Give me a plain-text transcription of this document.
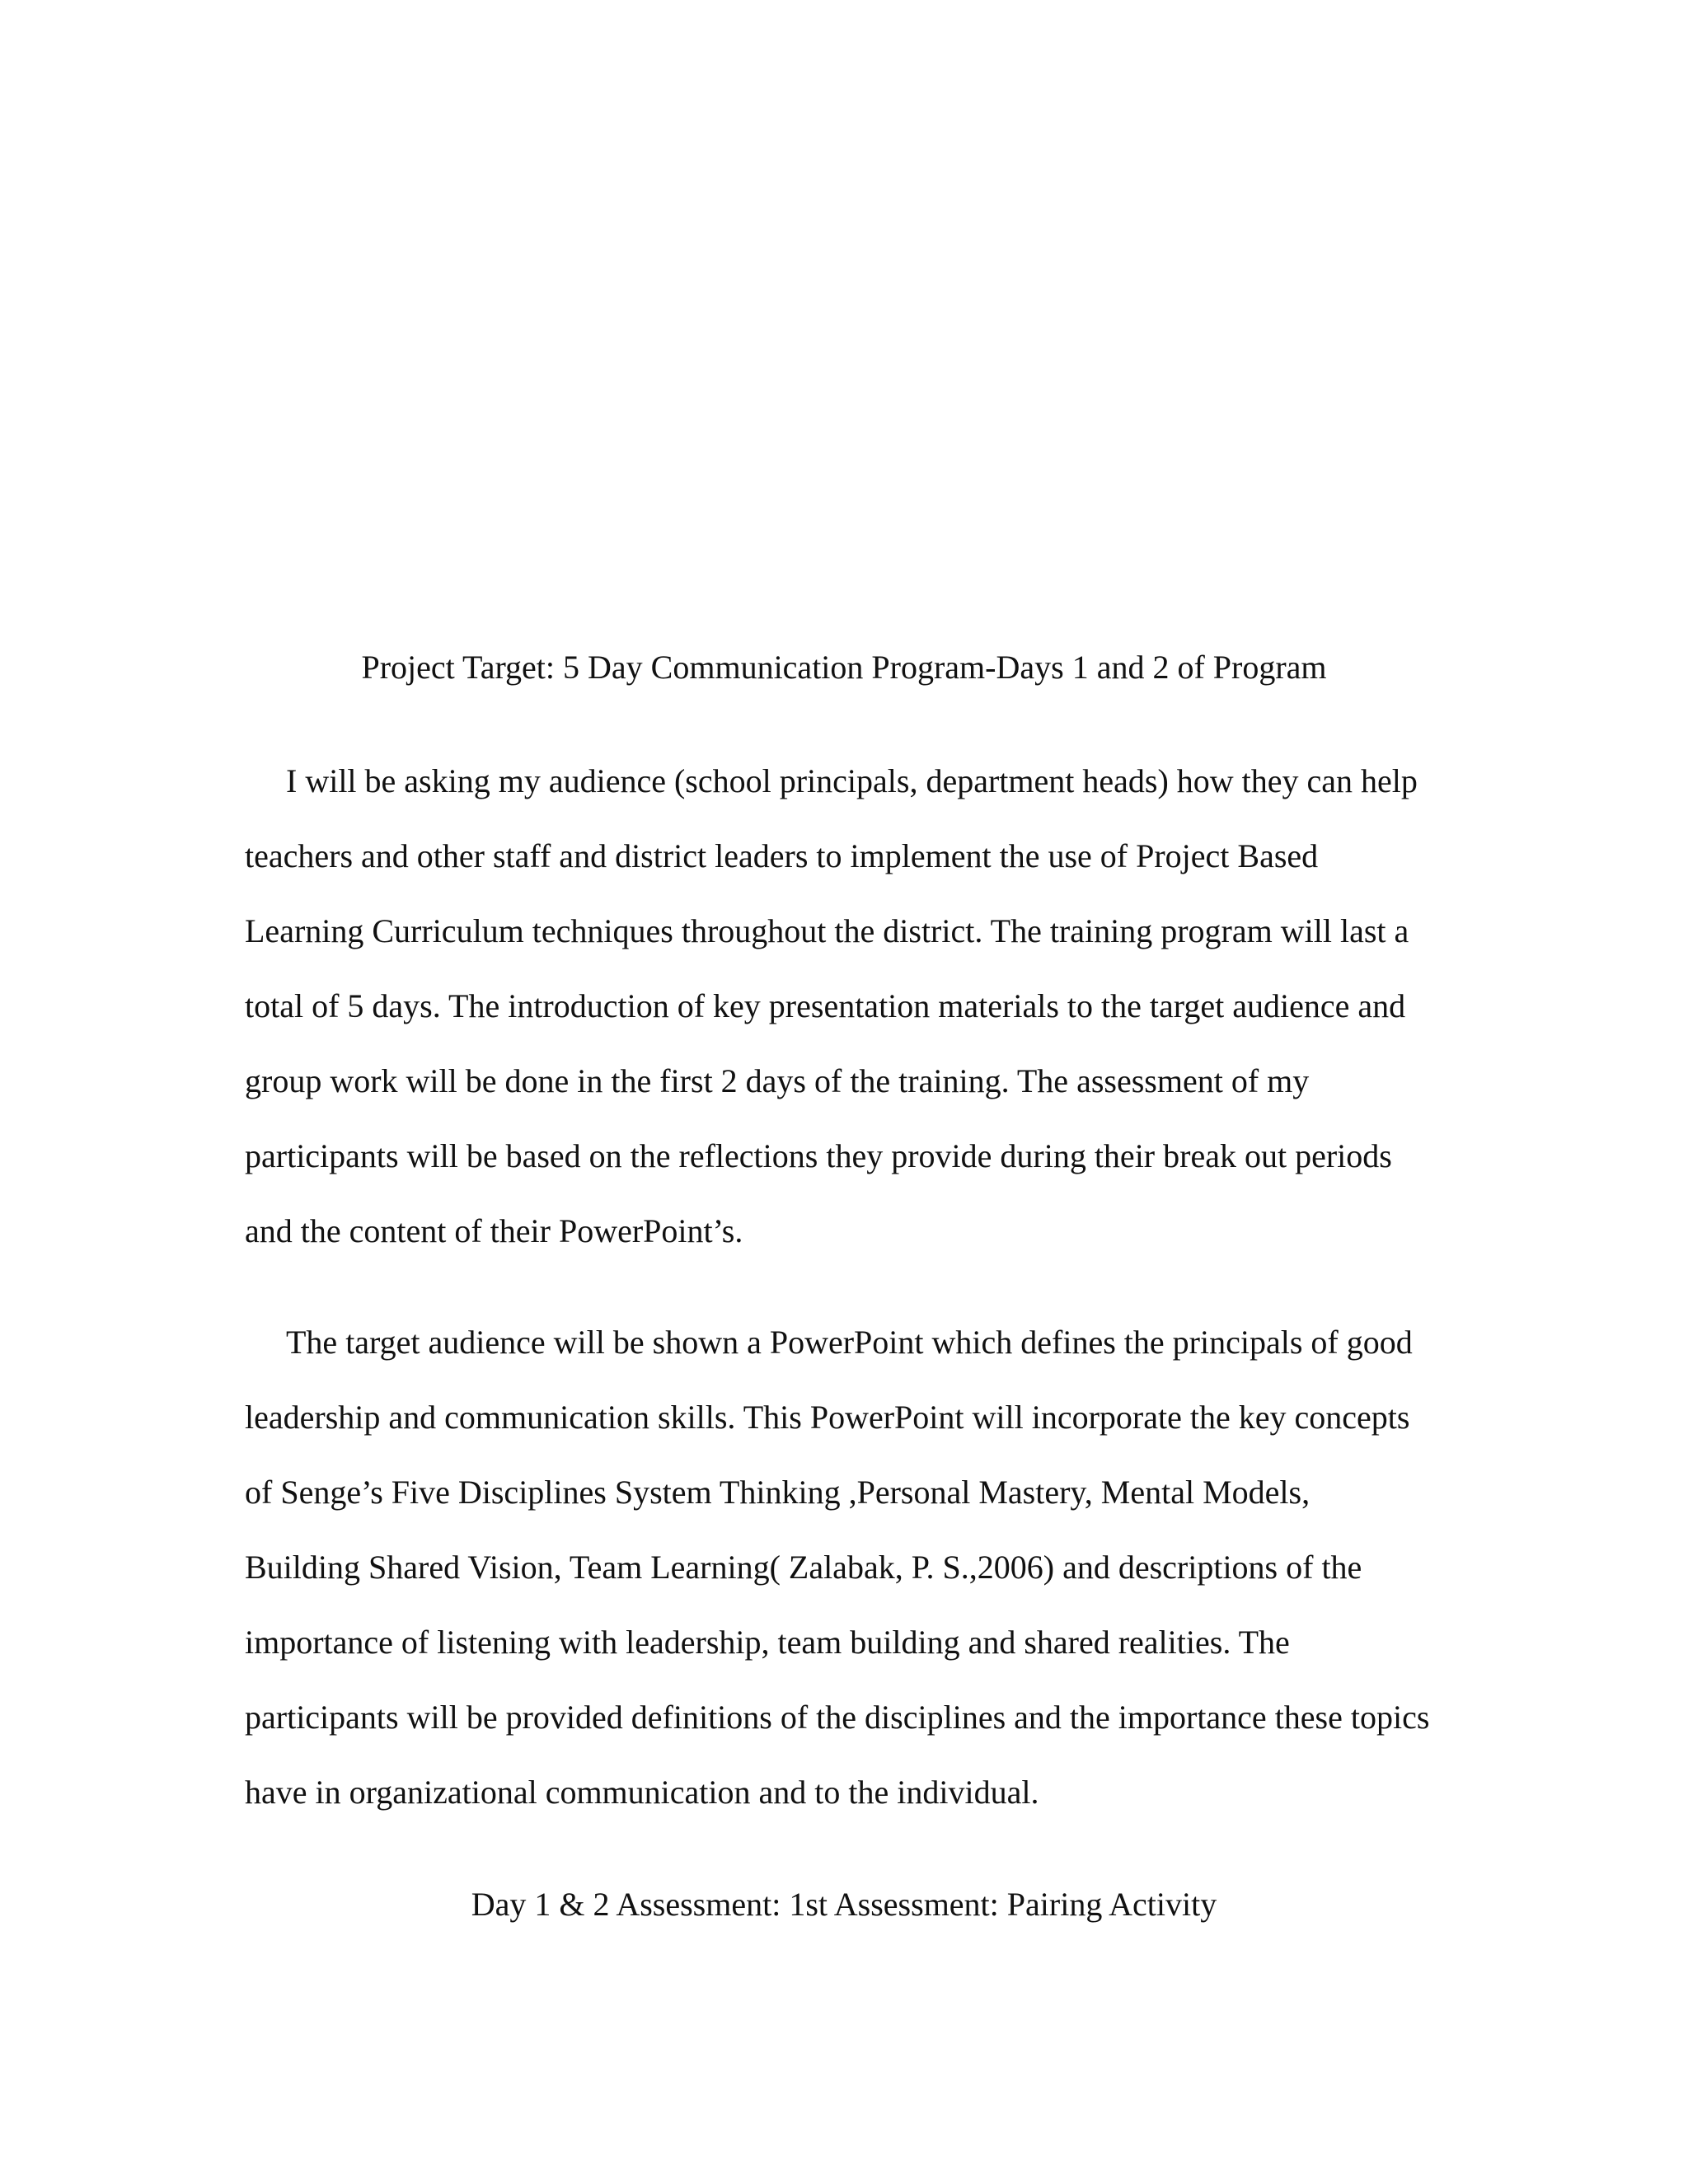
Project Target: 5 Day Communication Program-Days 1 and 2 of Program
I will be asking my audience (school principals, department heads) how they can help
teachers and other staff and district leaders to implement the use of Project Based
Learning Curriculum techniques throughout the district. The training program will last a
total of 5 days. The introduction of key presentation materials to the target audience and
group work will be done in the first 2 days of the training. The assessment of my
participants will be based on the reflections they provide during their break out periods
and the content of their PowerPoint’s.
The target audience will be shown a PowerPoint which defines the principals of good
leadership and communication skills. This PowerPoint will incorporate the key concepts
of Senge’s Five Disciplines System Thinking ,Personal Mastery, Mental Models,
Building Shared Vision, Team Learning( Zalabak, P. S.,2006) and descriptions of the
importance of listening with leadership, team building and shared realities. The
participants will be provided definitions of the disciplines and the importance these topics
have in organizational communication and to the individual.
Day 1 & 2 Assessment: 1st Assessment: Pairing Activity
